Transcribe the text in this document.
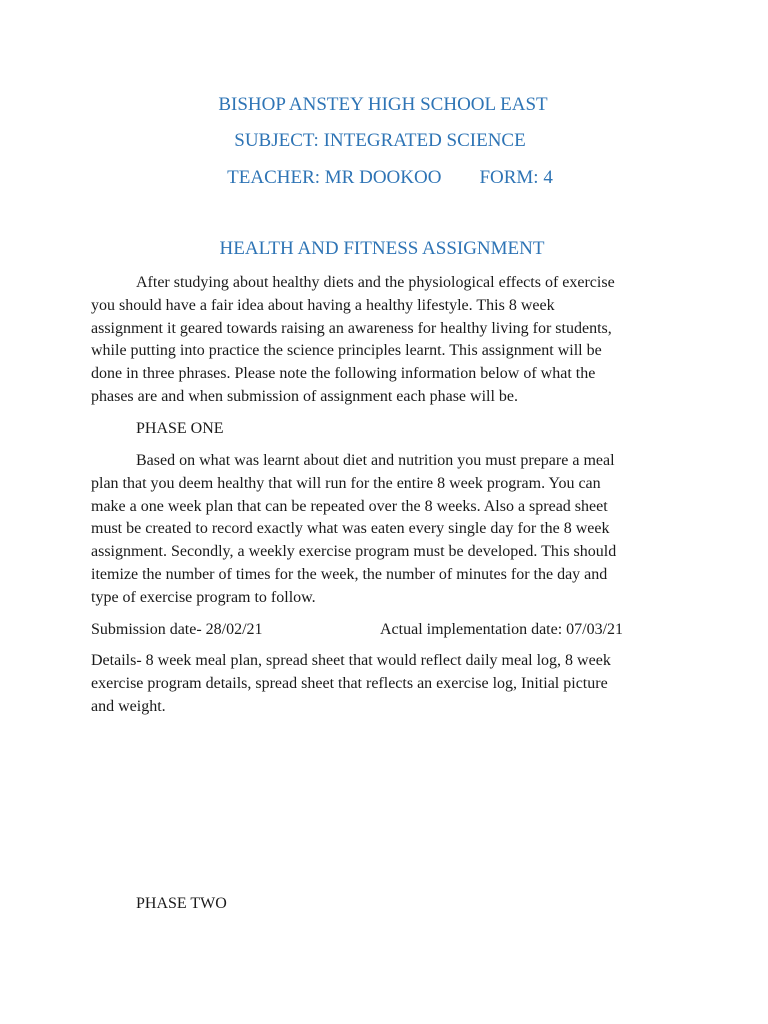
BISHOP ANSTEY HIGH SCHOOL EAST
SUBJECT: INTEGRATED SCIENCE
TEACHER: MR DOOKOO FORM: 4
HEALTH AND FITNESS ASSIGNMENT
After studying about healthy diets and the physiological effects of exercise
you should have a fair idea about having a healthy lifestyle. This 8 week
assignment it geared towards raising an awareness for healthy living for students,
while putting into practice the science principles learnt. This assignment will be
done in three phrases. Please note the following information below of what the
phases are and when submission of assignment each phase will be.
PHASE ONE
Based on what was learnt about diet and nutrition you must prepare a meal
plan that you deem healthy that will run for the entire 8 week program. You can
make a one week plan that can be repeated over the 8 weeks. Also a spread sheet
must be created to record exactly what was eaten every single day for the 8 week
assignment. Secondly, a weekly exercise program must be developed. This should
itemize the number of times for the week, the number of minutes for the day and
type of exercise program to follow.
Submission date- 28/02/21	Actual implementation date: 07/03/21
Details- 8 week meal plan, spread sheet that would reflect daily meal log, 8 week
exercise program details, spread sheet that reflects an exercise log, Initial picture
and weight.
PHASE TWO
